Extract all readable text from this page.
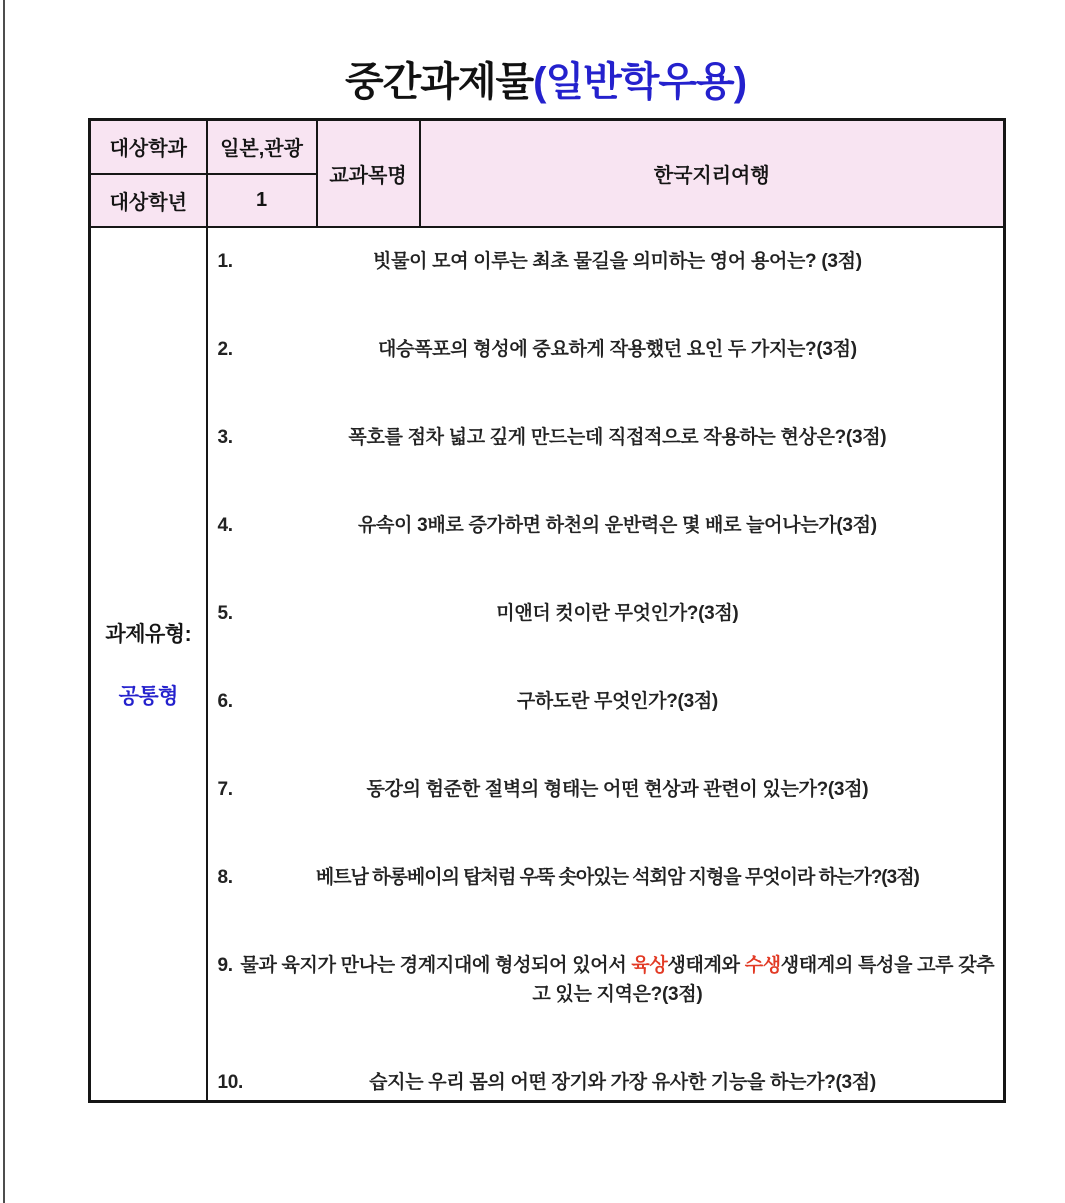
중간과제물(일반학우용)
대상학과	일본,관광	교과목명	한국지리여행
대상학년	1		

과제유형:
공통형

1.	빗물이 모여 이루는 최초 물길을 의미하는 영어 용어는? (3점)
2.	대승폭포의 형성에 중요하게 작용했던 요인 두 가지는?(3점)
3.	폭호를 점차 넓고 깊게 만드는데 직접적으로 작용하는 현상은?(3점)
4.	유속이 3배로 증가하면 하천의 운반력은 몇 배로 늘어나는가(3점)
5.	미앤더 컷이란 무엇인가?(3점)
6.	구하도란 무엇인가?(3점)
7.	동강의 험준한 절벽의 형태는 어떤 현상과 관련이 있는가?(3점)
8.	베트남 하롱베이의 탑처럼 우뚝 솟아있는 석회암 지형을 무엇이라 하는가?(3점)
9. 물과 육지가 만나는 경계지대에 형성되어 있어서 육상생태계와 수생생태계의 특성을 고루 갖추고 있는 지역은?(3점)
10.	습지는 우리 몸의 어떤 장기와 가장 유사한 기능을 하는가?(3점)
